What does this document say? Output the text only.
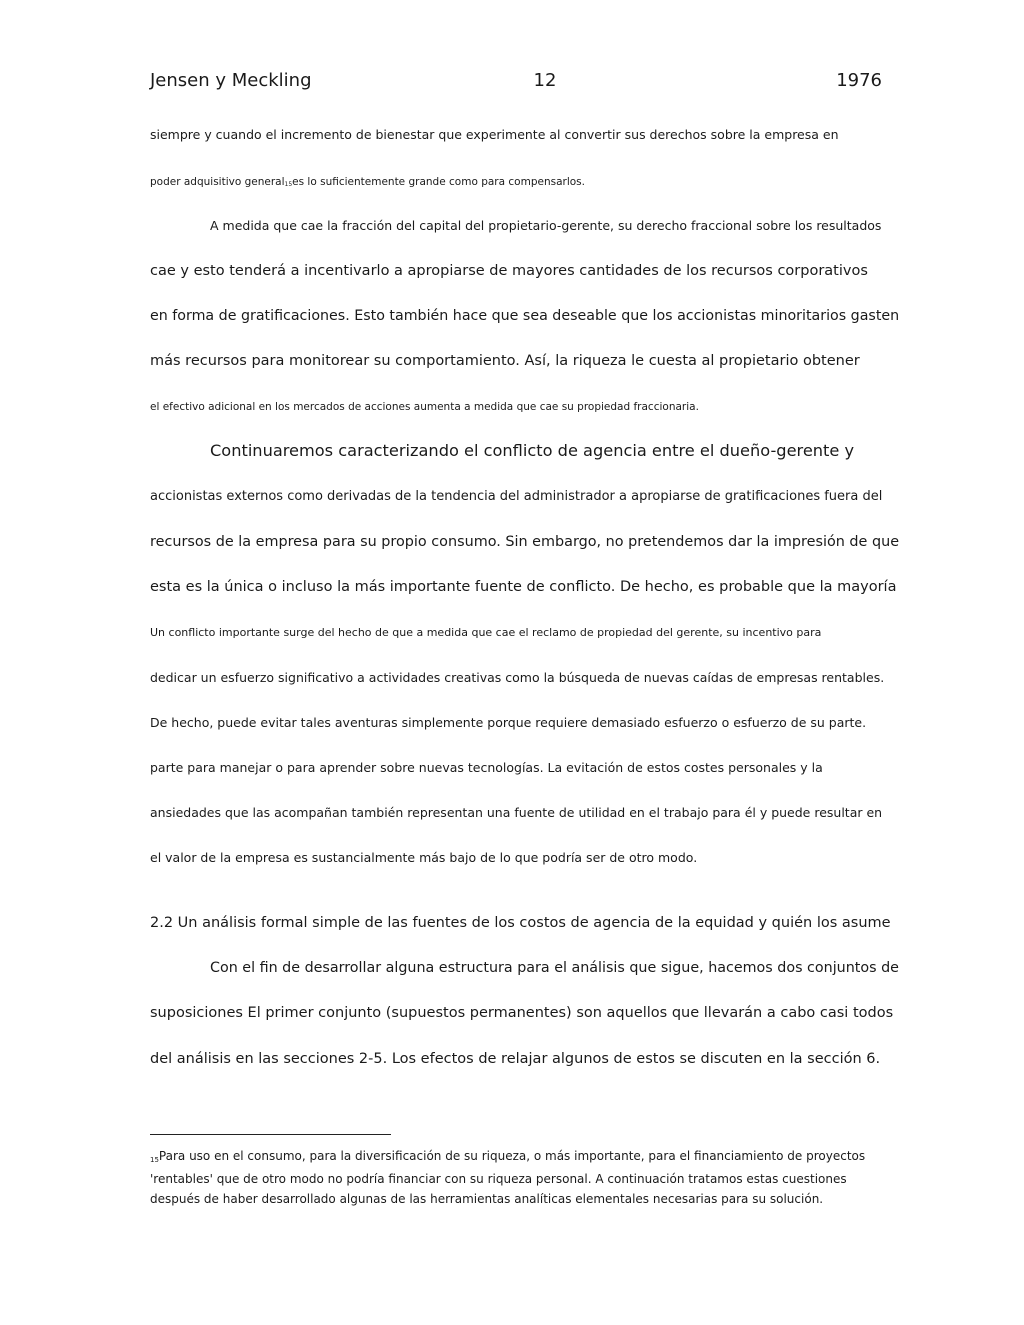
Jensen y Meckling	12	1976
siempre y cuando el incremento de bienestar que experimente al convertir sus derechos sobre la empresa en
poder adquisitivo general$^{15}$es lo suficientemente grande como para compensarlos.
A medida que cae la fracción del capital del propietario-gerente, su derecho fraccional sobre los resultados
cae y esto tenderá a incentivarlo a apropiarse de mayores cantidades de los recursos corporativos
en forma de gratificaciones. Esto también hace que sea deseable que los accionistas minoritarios gasten
más recursos para monitorear su comportamiento. Así, la riqueza le cuesta al propietario obtener
el efectivo adicional en los mercados de acciones aumenta a medida que cae su propiedad fraccionaria.
Continuaremos caracterizando el conflicto de agencia entre el dueño-gerente y
accionistas externos como derivadas de la tendencia del administrador a apropiarse de gratificaciones fuera del
recursos de la empresa para su propio consumo. Sin embargo, no pretendemos dar la impresión de que
esta es la única o incluso la más importante fuente de conflicto. De hecho, es probable que la mayoría
Un conflicto importante surge del hecho de que a medida que cae el reclamo de propiedad del gerente, su incentivo para
dedicar un esfuerzo significativo a actividades creativas como la búsqueda de nuevas caídas de empresas rentables.
De hecho, puede evitar tales aventuras simplemente porque requiere demasiado esfuerzo o esfuerzo de su parte.
parte para manejar o para aprender sobre nuevas tecnologías. La evitación de estos costes personales y la
ansiedades que las acompañan también representan una fuente de utilidad en el trabajo para él y puede resultar en
el valor de la empresa es sustancialmente más bajo de lo que podría ser de otro modo.
2.2 Un análisis formal simple de las fuentes de los costos de agencia de la equidad y quién los asume
Con el fin de desarrollar alguna estructura para el análisis que sigue, hacemos dos conjuntos de
suposiciones El primer conjunto (supuestos permanentes) son aquellos que llevarán a cabo casi todos
del análisis en las secciones 2-5. Los efectos de relajar algunos de estos se discuten en la sección 6.
$^{15}$Para uso en el consumo, para la diversificación de su riqueza, o más importante, para el financiamiento de proyectos 'rentables' que de otro modo no podría financiar con su riqueza personal. A continuación tratamos estas cuestiones después de haber desarrollado algunas de las herramientas analíticas elementales necesarias para su solución.
